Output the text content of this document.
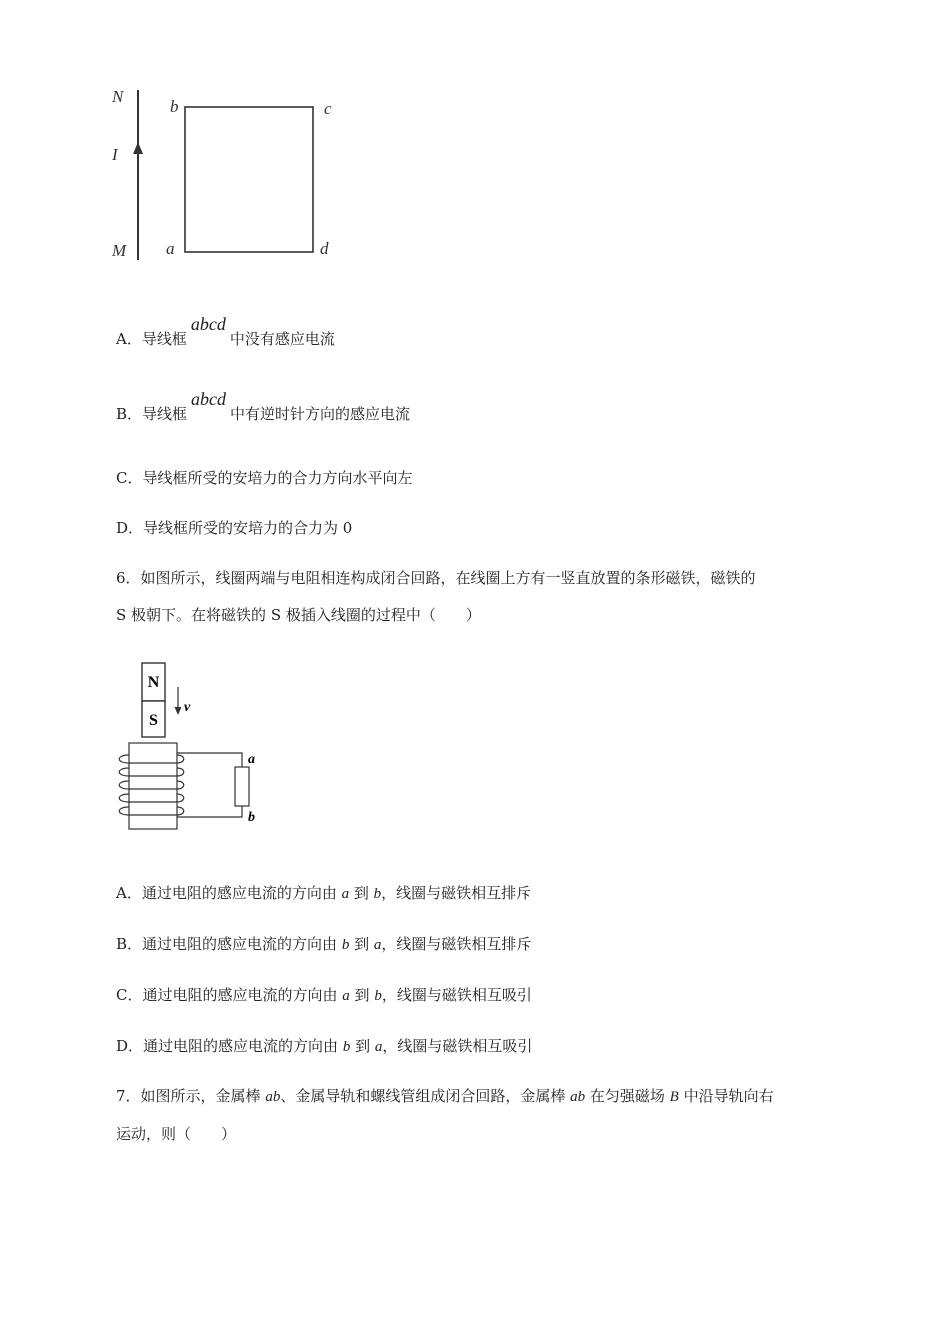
N
I
M
b	c
a	d
A．导线框abcd中没有感应电流
B．导线框abcd中有逆时针方向的感应电流
C．导线框所受的安培力的合力方向水平向左
D．导线框所受的安培力的合力为 0
6．如图所示，线圈两端与电阻相连构成闭合回路，在线圈上方有一竖直放置的条形磁铁，磁铁的
S 极朝下。在将磁铁的 S 极插入线圈的过程中（　　）
N
S
v
a
b
A．通过电阻的感应电流的方向由 a 到 b，线圈与磁铁相互排斥
B．通过电阻的感应电流的方向由 b 到 a，线圈与磁铁相互排斥
C．通过电阻的感应电流的方向由 a 到 b，线圈与磁铁相互吸引
D．通过电阻的感应电流的方向由 b 到 a，线圈与磁铁相互吸引
7．如图所示，金属棒 ab、金属导轨和螺线管组成闭合回路，金属棒 ab 在匀强磁场 B 中沿导轨向右
运动，则（　　）
